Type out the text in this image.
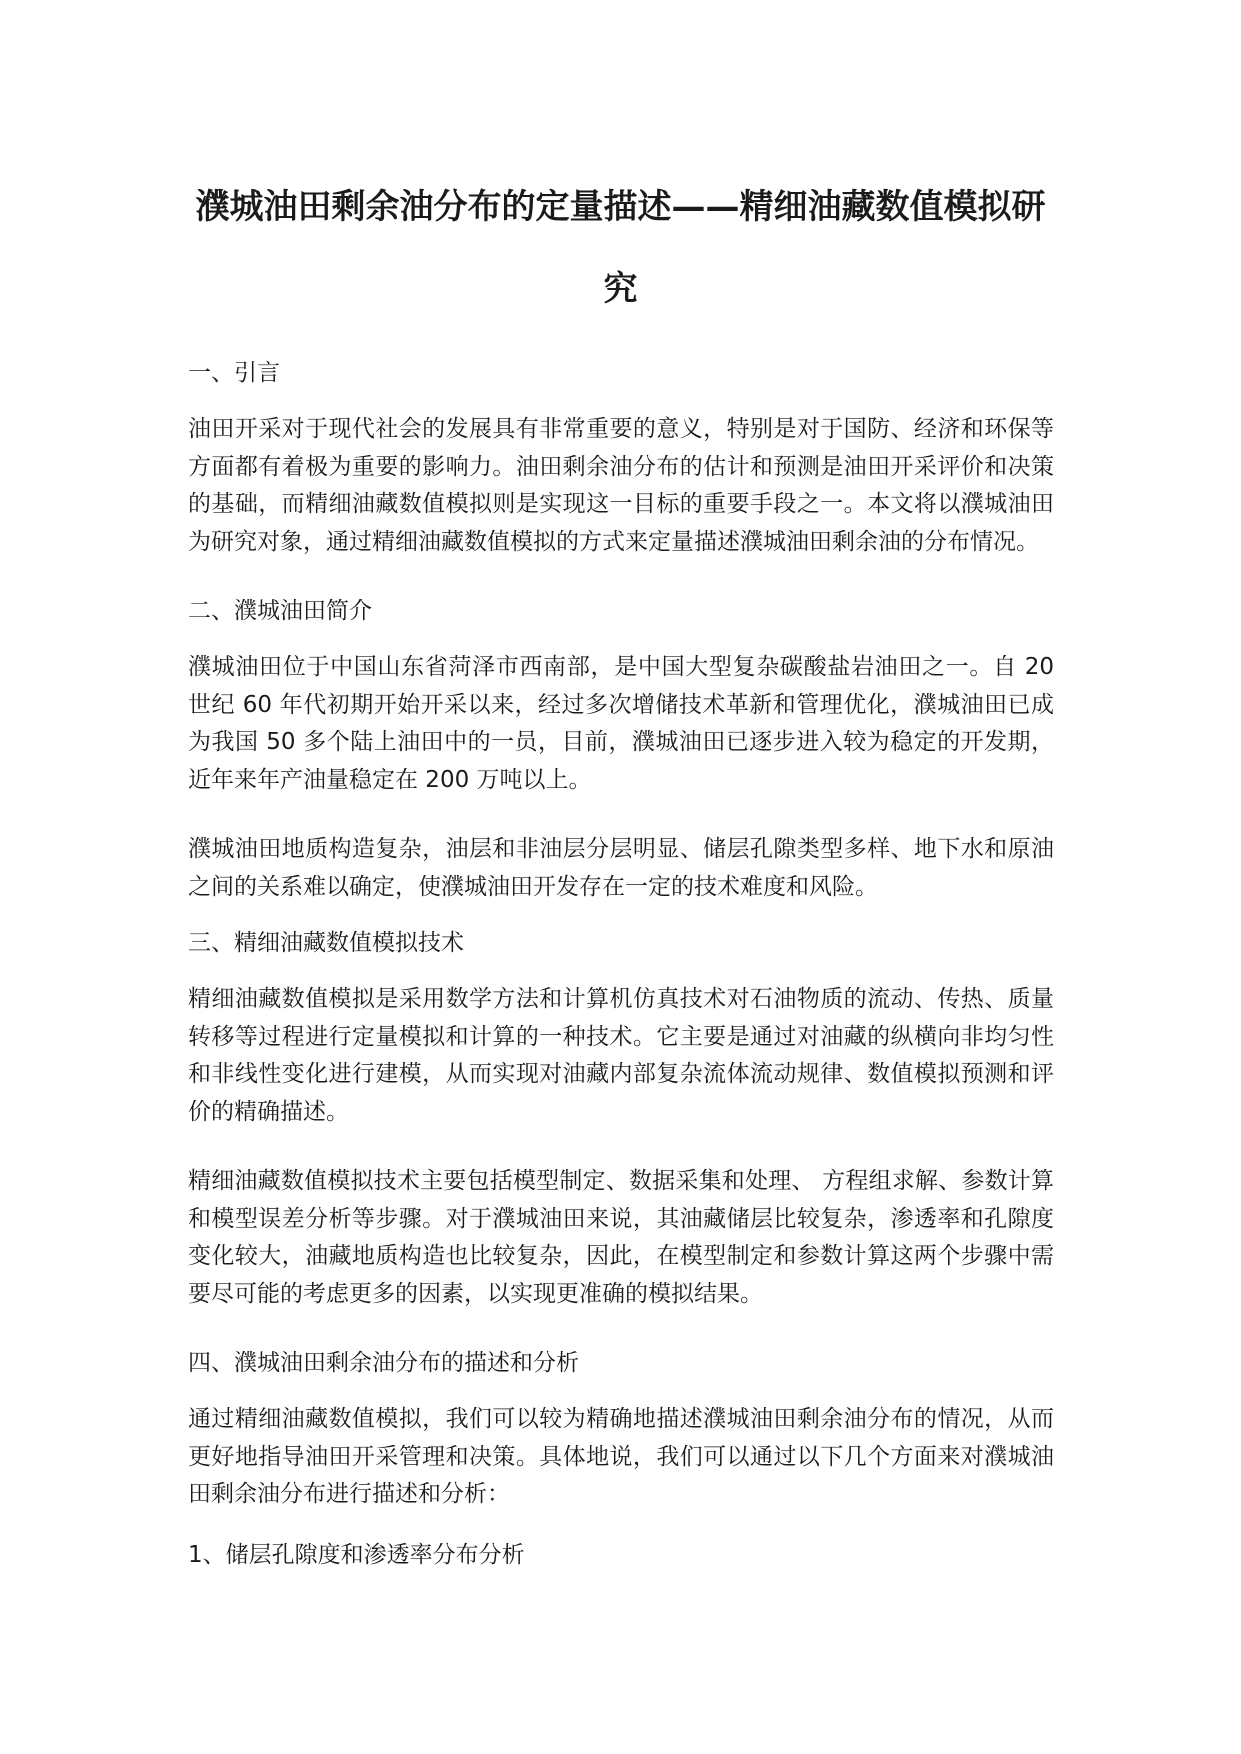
濮城油田剩余油分布的定量描述——精细油藏数值模拟研究

一、引言

油田开采对于现代社会的发展具有非常重要的意义，特别是对于国防、经济和环保等方面都有着极为重要的影响力。油田剩余油分布的估计和预测是油田开采评价和决策的基础，而精细油藏数值模拟则是实现这一目标的重要手段之一。本文将以濮城油田为研究对象，通过精细油藏数值模拟的方式来定量描述濮城油田剩余油的分布情况。

二、濮城油田简介

濮城油田位于中国山东省菏泽市西南部，是中国大型复杂碳酸盐岩油田之一。自 20 世纪 60 年代初期开始开采以来，经过多次增储技术革新和管理优化，濮城油田已成为我国 50 多个陆上油田中的一员，目前，濮城油田已逐步进入较为稳定的开发期，近年来年产油量稳定在 200 万吨以上。

濮城油田地质构造复杂，油层和非油层分层明显、储层孔隙类型多样、地下水和原油之间的关系难以确定，使濮城油田开发存在一定的技术难度和风险。

三、精细油藏数值模拟技术

精细油藏数值模拟是采用数学方法和计算机仿真技术对石油物质的流动、传热、质量转移等过程进行定量模拟和计算的一种技术。它主要是通过对油藏的纵横向非均匀性和非线性变化进行建模，从而实现对油藏内部复杂流体流动规律、数值模拟预测和评价的精确描述。

精细油藏数值模拟技术主要包括模型制定、数据采集和处理、 方程组求解、参数计算和模型误差分析等步骤。对于濮城油田来说，其油藏储层比较复杂，渗透率和孔隙度变化较大，油藏地质构造也比较复杂，因此，在模型制定和参数计算这两个步骤中需要尽可能的考虑更多的因素，以实现更准确的模拟结果。

四、濮城油田剩余油分布的描述和分析

通过精细油藏数值模拟，我们可以较为精确地描述濮城油田剩余油分布的情况，从而更好地指导油田开采管理和决策。具体地说，我们可以通过以下几个方面来对濮城油田剩余油分布进行描述和分析：

1、储层孔隙度和渗透率分布分析
